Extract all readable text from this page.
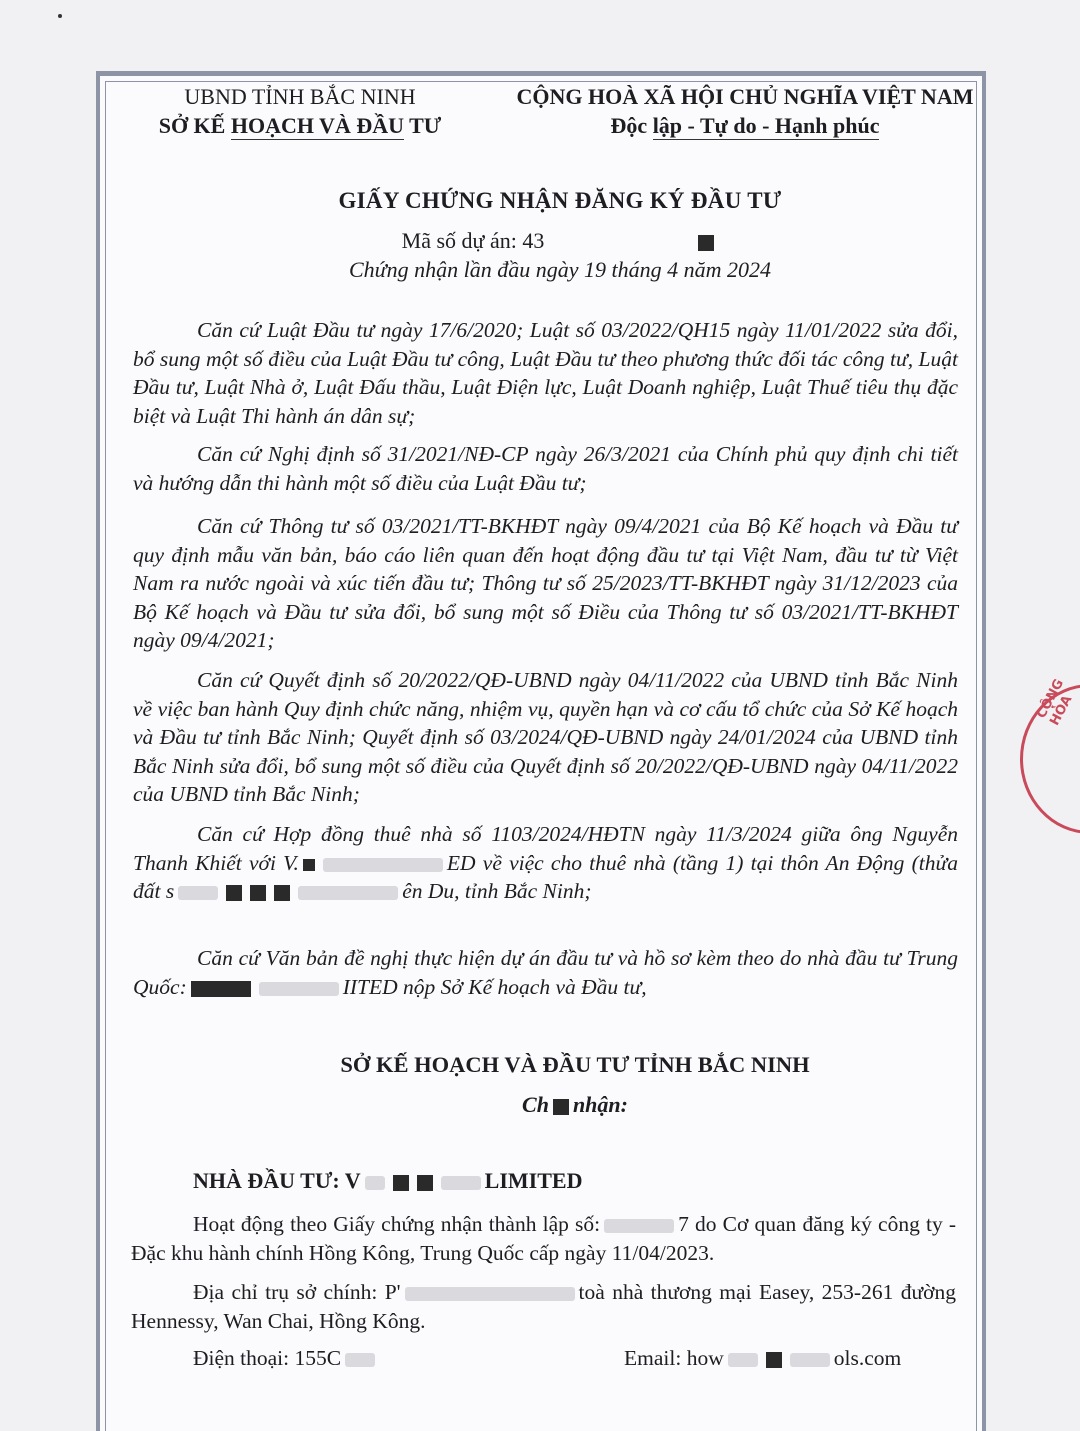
UBND TỈNH BẮC NINH
SỞ KẾ HOẠCH VÀ ĐẦU TƯ
CỘNG HOÀ XÃ HỘI CHỦ NGHĨA VIỆT NAM
Độc lập - Tự do - Hạnh phúc
GIẤY CHỨNG NHẬN ĐĂNG KÝ ĐẦU TƯ
Mã số dự án: 43
Chứng nhận lần đầu ngày 19 tháng 4 năm 2024

Căn cứ Luật Đầu tư ngày 17/6/2020; Luật số 03/2022/QH15 ngày 11/01/2022 sửa đổi, bổ sung một số điều của Luật Đầu tư công, Luật Đầu tư theo phương thức đối tác công tư, Luật Đầu tư, Luật Nhà ở, Luật Đấu thầu, Luật Điện lực, Luật Doanh nghiệp, Luật Thuế tiêu thụ đặc biệt và Luật Thi hành án dân sự;

Căn cứ Nghị định số 31/2021/NĐ-CP ngày 26/3/2021 của Chính phủ quy định chi tiết và hướng dẫn thi hành một số điều của Luật Đầu tư;

Căn cứ Thông tư số 03/2021/TT-BKHĐT ngày 09/4/2021 của Bộ Kế hoạch và Đầu tư quy định mẫu văn bản, báo cáo liên quan đến hoạt động đầu tư tại Việt Nam, đầu tư từ Việt Nam ra nước ngoài và xúc tiến đầu tư; Thông tư số 25/2023/TT-BKHĐT ngày 31/12/2023 của Bộ Kế hoạch và Đầu tư sửa đổi, bổ sung một số Điều của Thông tư số 03/2021/TT-BKHĐT ngày 09/4/2021;

Căn cứ Quyết định số 20/2022/QĐ-UBND ngày 04/11/2022 của UBND tỉnh Bắc Ninh về việc ban hành Quy định chức năng, nhiệm vụ, quyền hạn và cơ cấu tổ chức của Sở Kế hoạch và Đầu tư tỉnh Bắc Ninh; Quyết định số 03/2024/QĐ-UBND ngày 24/01/2024 của UBND tỉnh Bắc Ninh sửa đổi, bổ sung một số điều của Quyết định số 20/2022/QĐ-UBND ngày 04/11/2022 của UBND tỉnh Bắc Ninh;

Căn cứ Hợp đồng thuê nhà số 1103/2024/HĐTN ngày 11/3/2024 giữa ông Nguyễn Thanh Khiết với V.	ED về việc cho thuê nhà (tầng 1) tại thôn An Động (thửa đất s	ên Du, tỉnh Bắc Ninh;

Căn cứ Văn bản đề nghị thực hiện dự án đầu tư và hồ sơ kèm theo do nhà đầu tư Trung Quốc:	IITED nộp Sở Kế hoạch và Đầu tư,

SỞ KẾ HOẠCH VÀ ĐẦU TƯ TỈNH BẮC NINH
Ch nhận:
NHÀ ĐẦU TƯ: V	LIMITED

Hoạt động theo Giấy chứng nhận thành lập số:	7 do Cơ quan đăng ký công ty - Đặc khu hành chính Hồng Kông, Trung Quốc cấp ngày 11/04/2023.

Địa chỉ trụ sở chính: P'	toà nhà thương mại Easey, 253-261 đường Hennessy, Wan Chai, Hồng Kông.

Điện thoại: 155C	Email: how	ols.com
CỘNG HÒA
